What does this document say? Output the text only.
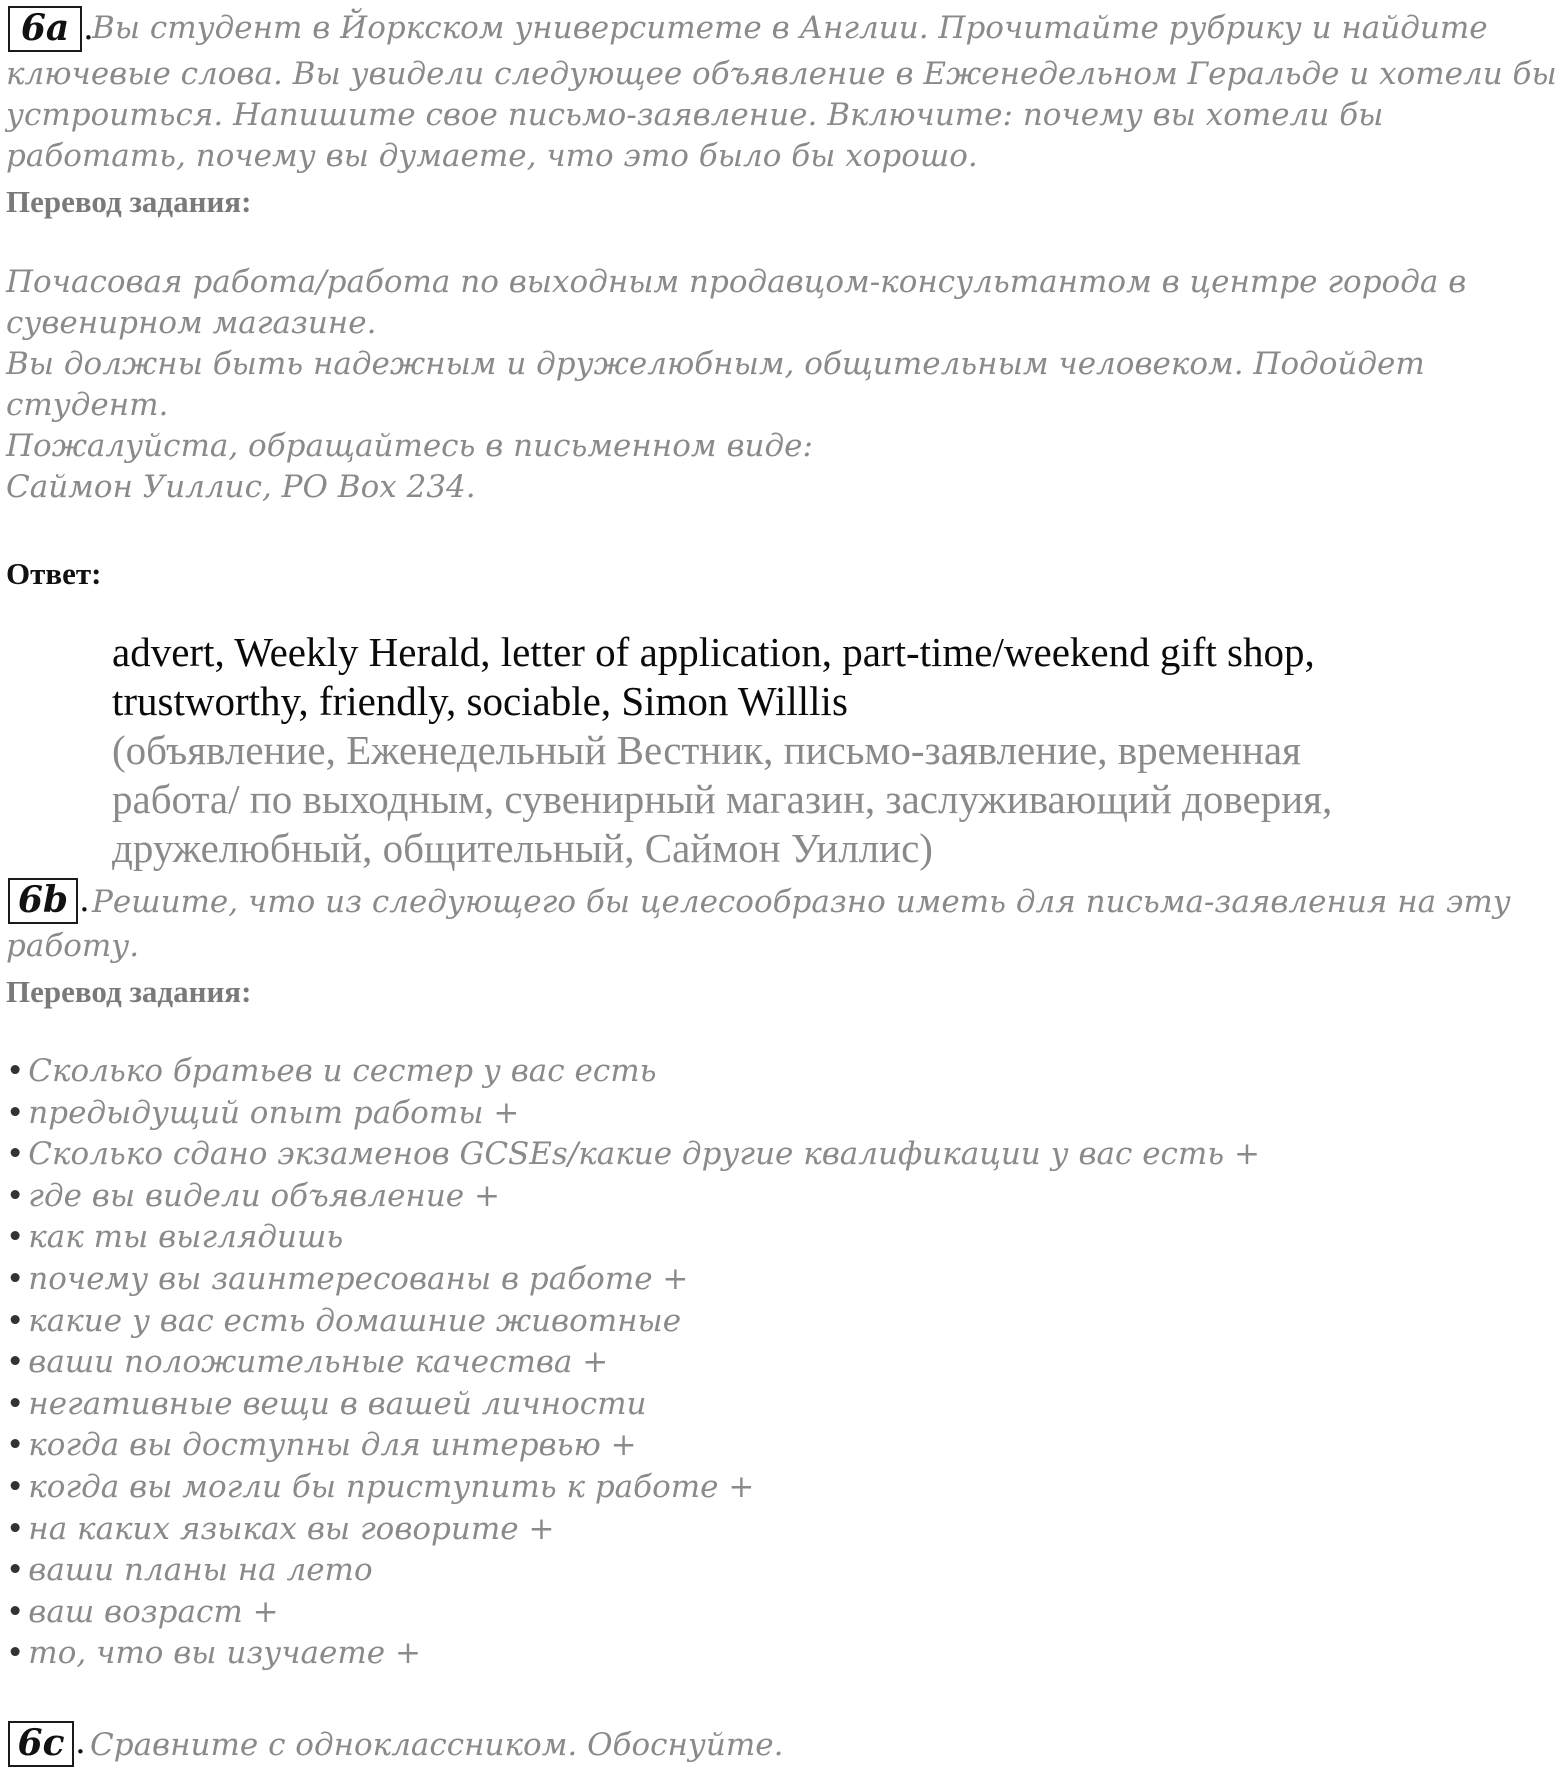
6a .
Вы студент в Йоркском университете в Англии. Прочитайте рубрику и найдите
ключевые слова. Вы увидели следующее объявление в Еженедельном Геральде и хотели бы
устроиться. Напишите свое письмо-заявление. Включите: почему вы хотели бы
работать, почему вы думаете, что это было бы хорошо.
Перевод задания:
Почасовая работа/работа по выходным продавцом-консультантом в центре города в
сувенирном магазине.
Вы должны быть надежным и дружелюбным, общительным человеком. Подойдет
студент.
Пожалуйста, обращайтесь в письменном виде:
Саймон Уиллис, PO Box 234.
Ответ:
advert, Weekly Herald, letter of application, part-time/weekend gift shop,
trustworthy, friendly, sociable, Simon Willlis
(объявление, Еженедельный Вестник, письмо-заявление, временная
работа/ по выходным, сувенирный магазин, заслуживающий доверия,
дружелюбный, общительный, Саймон Уиллис)
6b . Решите, что из следующего бы целесообразно иметь для письма-заявления на эту
работу.
Перевод задания:
• Сколько братьев и сестер у вас есть
• предыдущий опыт работы +
• Сколько сдано экзаменов GCSEs/какие другие квалификации у вас есть +
• где вы видели объявление +
• как ты выглядишь
• почему вы заинтересованы в работе +
• какие у вас есть домашние животные
• ваши положительные качества +
• негативные вещи в вашей личности
• когда вы доступны для интервью +
• когда вы могли бы приступить к работе +
• на каких языках вы говорите +
• ваши планы на лето
• ваш возраст +
• то, что вы изучаете +
6c . Сравните с одноклассником. Обоснуйте.
